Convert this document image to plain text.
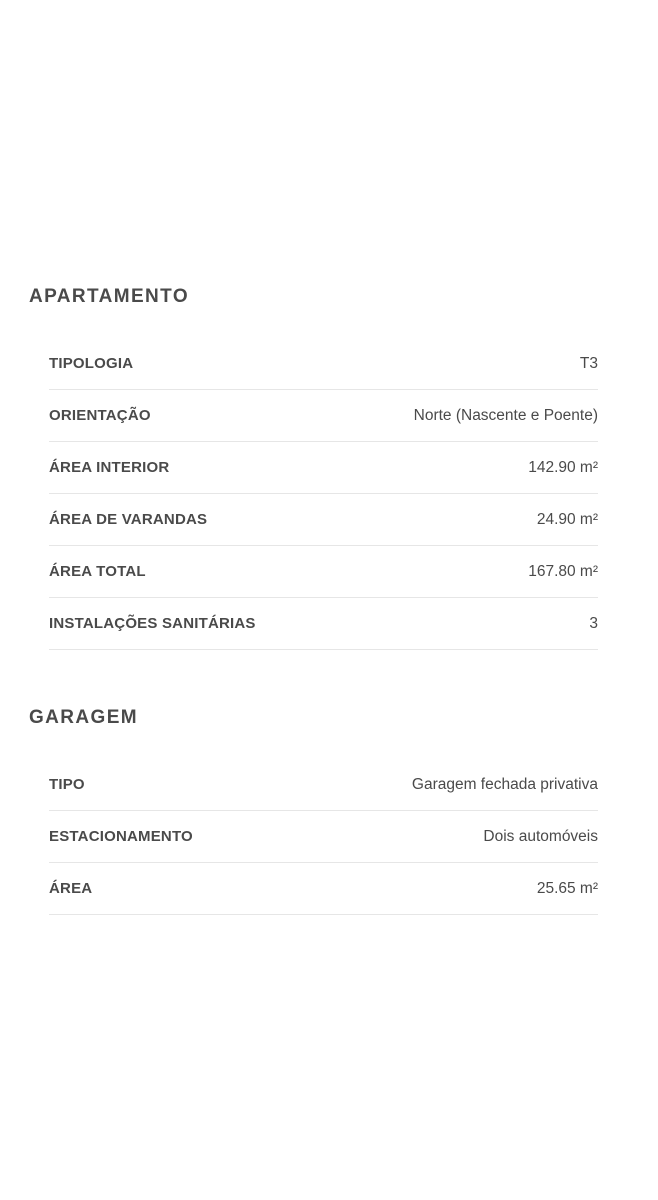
APARTAMENTO
TIPOLOGIA	T3
ORIENTAÇÃO	Norte (Nascente e Poente)
ÁREA INTERIOR	142.90 m²
ÁREA DE VARANDAS	24.90 m²
ÁREA TOTAL	167.80 m²
INSTALAÇÕES SANITÁRIAS	3
GARAGEM
TIPO	Garagem fechada privativa
ESTACIONAMENTO	Dois automóveis
ÁREA	25.65 m²
